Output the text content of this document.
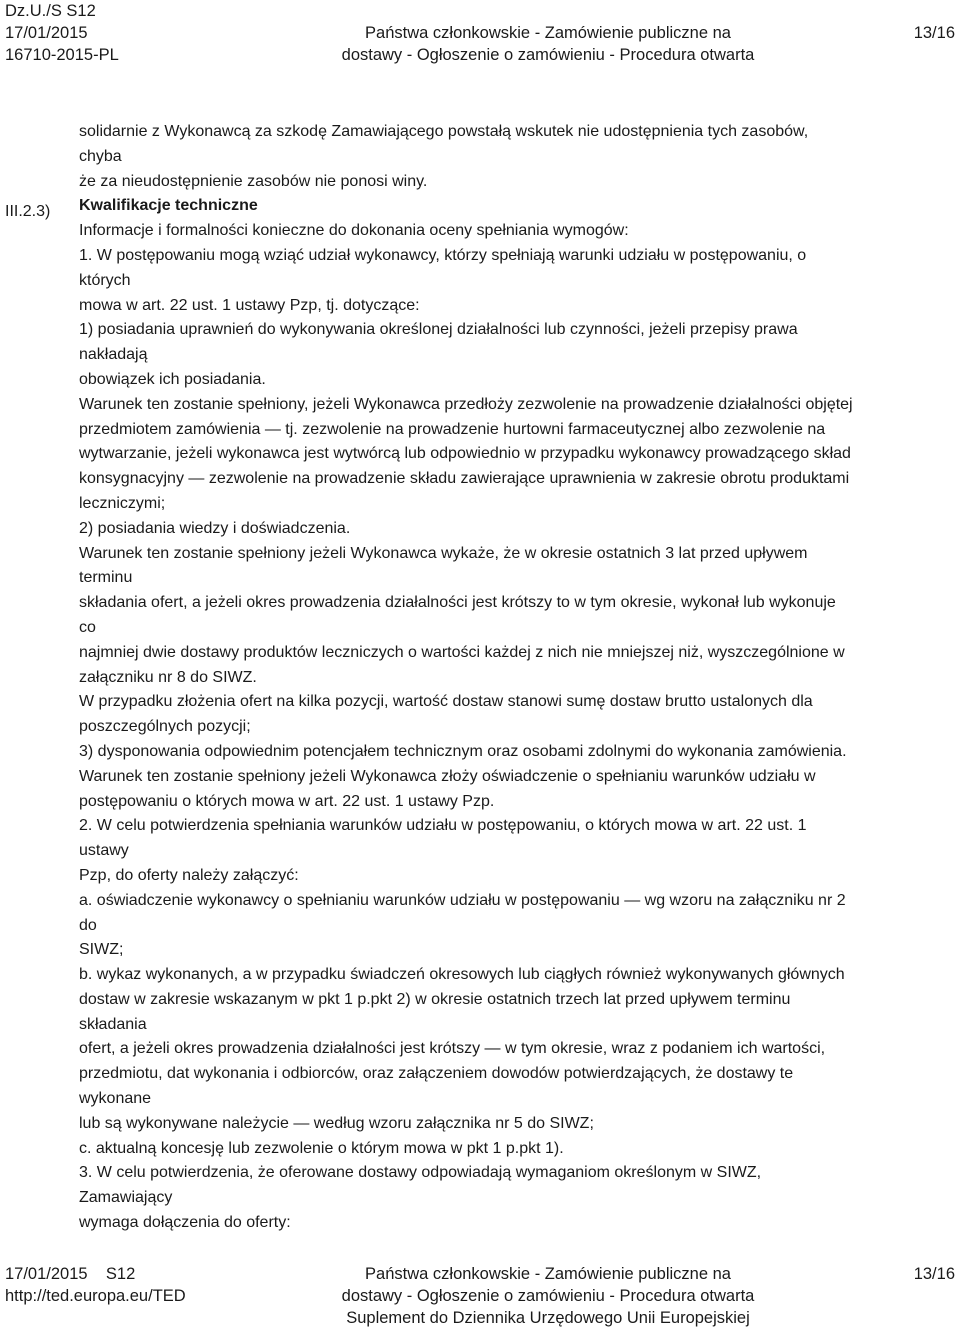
Dz.U./S S12
17/01/2015
16710-2015-PL
Państwa członkowskie - Zamówienie publiczne na
dostawy - Ogłoszenie o zamówieniu - Procedura otwarta
13/16
III.2.3)
solidarnie z Wykonawcą za szkodę Zamawiającego powstałą wskutek nie udostępnienia tych zasobów,
chyba
że za nieudostępnienie zasobów nie ponosi winy.
Kwalifikacje techniczne
Informacje i formalności konieczne do dokonania oceny spełniania wymogów:
1. W postępowaniu mogą wziąć udział wykonawcy, którzy spełniają warunki udziału w postępowaniu, o
których
mowa w art. 22 ust. 1 ustawy Pzp, tj. dotyczące:
1) posiadania uprawnień do wykonywania określonej działalności lub czynności, jeżeli przepisy prawa
nakładają
obowiązek ich posiadania.
Warunek ten zostanie spełniony, jeżeli Wykonawca przedłoży zezwolenie na prowadzenie działalności objętej
przedmiotem zamówienia — tj. zezwolenie na prowadzenie hurtowni farmaceutycznej albo zezwolenie na
wytwarzanie, jeżeli wykonawca jest wytwórcą lub odpowiednio w przypadku wykonawcy prowadzącego skład
konsygnacyjny — zezwolenie na prowadzenie składu zawierające uprawnienia w zakresie obrotu produktami
leczniczymi;
2) posiadania wiedzy i doświadczenia.
Warunek ten zostanie spełniony jeżeli Wykonawca wykaże, że w okresie ostatnich 3 lat przed upływem
terminu
składania ofert, a jeżeli okres prowadzenia działalności jest krótszy to w tym okresie, wykonał lub wykonuje
co
najmniej dwie dostawy produktów leczniczych o wartości każdej z nich nie mniejszej niż, wyszczególnione w
załączniku nr 8 do SIWZ.
W przypadku złożenia ofert na kilka pozycji, wartość dostaw stanowi sumę dostaw brutto ustalonych dla
poszczególnych pozycji;
3) dysponowania odpowiednim potencjałem technicznym oraz osobami zdolnymi do wykonania zamówienia.
Warunek ten zostanie spełniony jeżeli Wykonawca złoży oświadczenie o spełnianiu warunków udziału w
postępowaniu o których mowa w art. 22 ust. 1 ustawy Pzp.
2. W celu potwierdzenia spełniania warunków udziału w postępowaniu, o których mowa w art. 22 ust. 1
ustawy
Pzp, do oferty należy załączyć:
a. oświadczenie wykonawcy o spełnianiu warunków udziału w postępowaniu — wg wzoru na załączniku nr 2
do
SIWZ;
b. wykaz wykonanych, a w przypadku świadczeń okresowych lub ciągłych również wykonywanych głównych
dostaw w zakresie wskazanym w pkt 1 p.pkt 2) w okresie ostatnich trzech lat przed upływem terminu
składania
ofert, a jeżeli okres prowadzenia działalności jest krótszy — w tym okresie, wraz z podaniem ich wartości,
przedmiotu, dat wykonania i odbiorców, oraz załączeniem dowodów potwierdzających, że dostawy te
wykonane
lub są wykonywane należycie — według wzoru załącznika nr 5 do SIWZ;
c. aktualną koncesję lub zezwolenie o którym mowa w pkt 1 p.pkt 1).
3. W celu potwierdzenia, że oferowane dostawy odpowiadają wymaganiom określonym w SIWZ,
Zamawiający
wymaga dołączenia do oferty:
17/01/2015    S12
http://ted.europa.eu/TED
Państwa członkowskie - Zamówienie publiczne na
dostawy - Ogłoszenie o zamówieniu - Procedura otwarta
Suplement do Dziennika Urzędowego Unii Europejskiej
13/16
